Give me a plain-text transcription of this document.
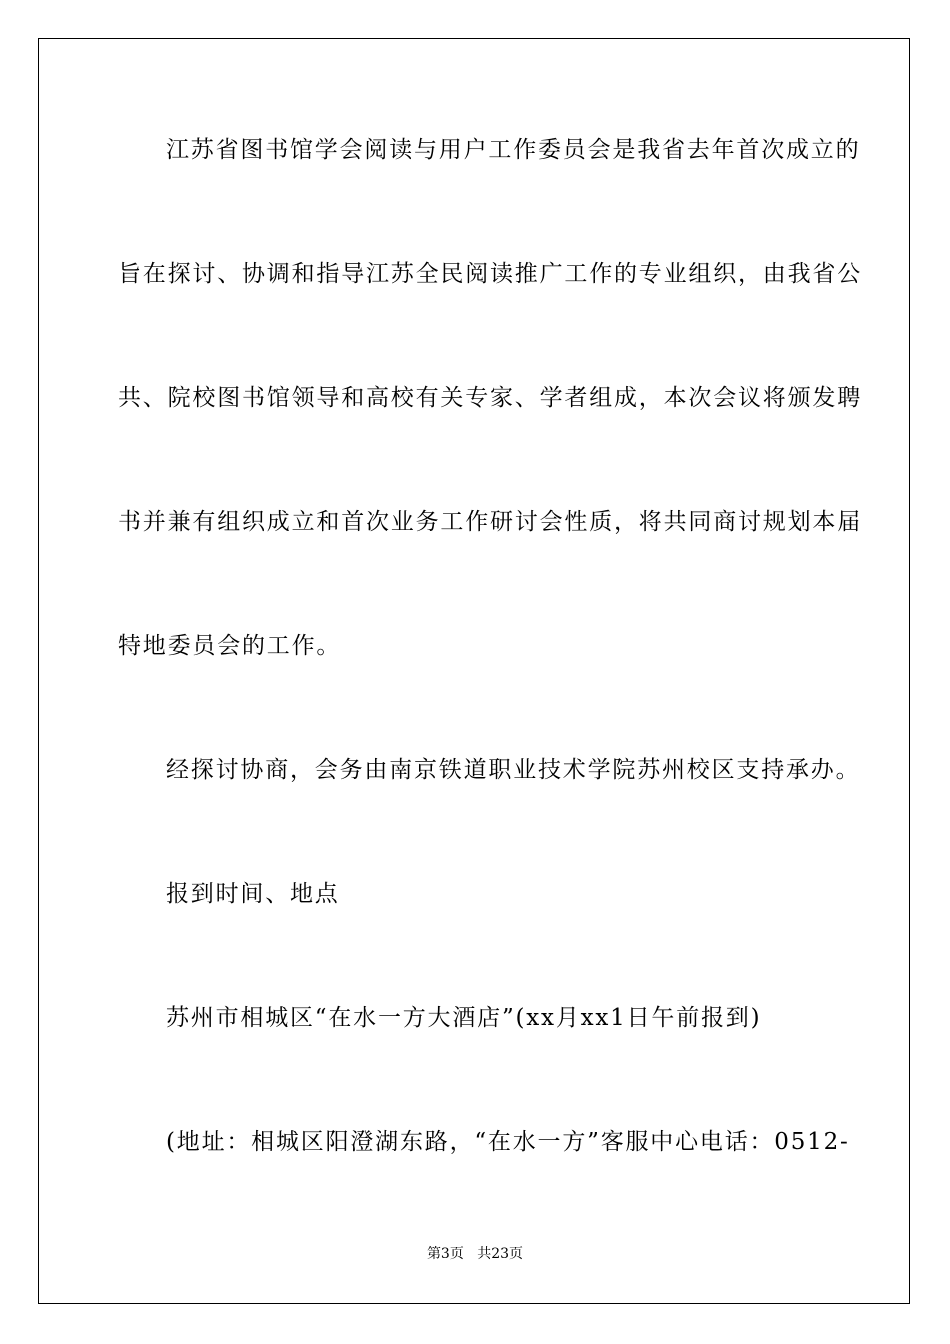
江苏省图书馆学会阅读与用户工作委员会是我省去年首次成立的
旨在探讨、协调和指导江苏全民阅读推广工作的专业组织，由我省公
共、院校图书馆领导和高校有关专家、学者组成，本次会议将颁发聘
书并兼有组织成立和首次业务工作研讨会性质，将共同商讨规划本届
特地委员会的工作。
经探讨协商，会务由南京铁道职业技术学院苏州校区支持承办。
报到时间、地点
苏州市相城区“在水一方大酒店”(xx月xx1日午前报到)
(地址：相城区阳澄湖东路，“在水一方”客服中心电话：0512-
第3页 共23页
